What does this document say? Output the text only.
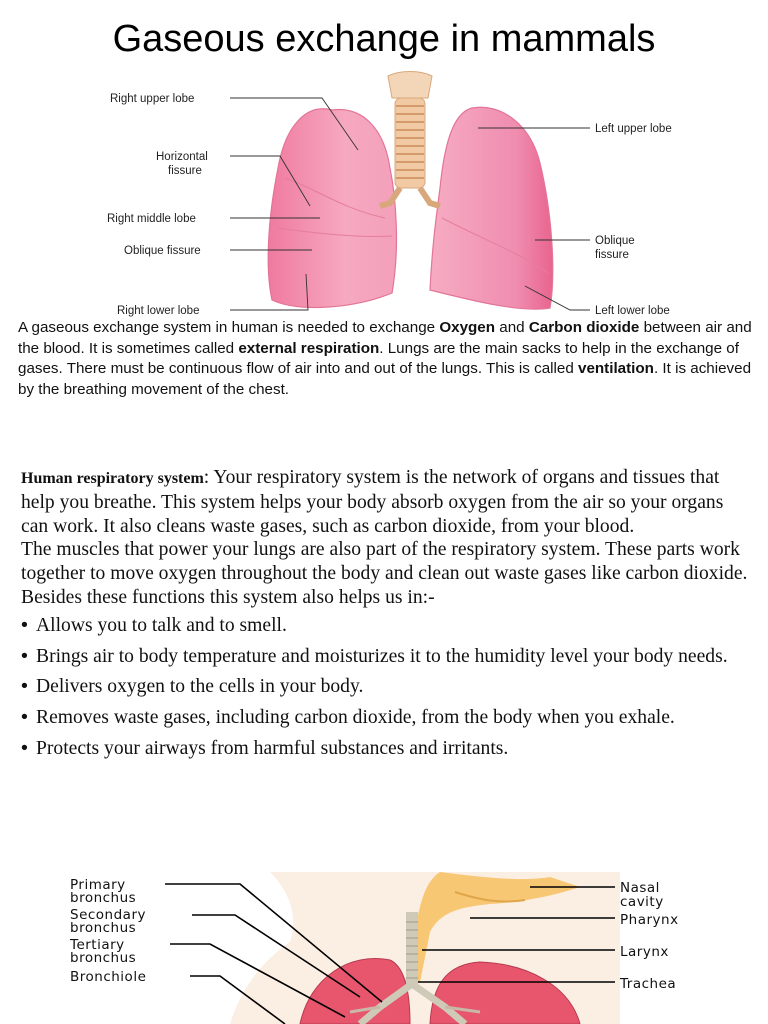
Gaseous exchange in mammals
Right upper lobe
Horizontal
fissure
Right middle lobe
Oblique fissure
Right lower lobe
Left upper lobe
Oblique
fissure
Left lower lobe
A gaseous exchange system in human is needed to exchange Oxygen and Carbon dioxide between air and the blood. It is sometimes called external respiration. Lungs are the main sacks to help in the exchange of gases. There must be continuous flow of air into and out of the lungs. This is called ventilation. It is achieved by the breathing movement of the chest.

Human respiratory system: Your respiratory system is the network of organs and tissues that help you breathe. This system helps your body absorb oxygen from the air so your organs can work. It also cleans waste gases, such as carbon dioxide, from your blood.

The muscles that power your lungs are also part of the respiratory system. These parts work together to move oxygen throughout the body and clean out waste gases like carbon dioxide. Besides these functions this system also helps us in:-

• Allows you to talk and to smell.
• Brings air to body temperature and moisturizes it to the humidity level your body needs.
• Delivers oxygen to the cells in your body.
• Removes waste gases, including carbon dioxide, from the body when you exhale.
• Protects your airways from harmful substances and irritants.
Primary
bronchus
Secondary
bronchus
Tertiary
bronchus
Bronchiole
Nasal
cavity
Pharynx
Larynx
Trachea
